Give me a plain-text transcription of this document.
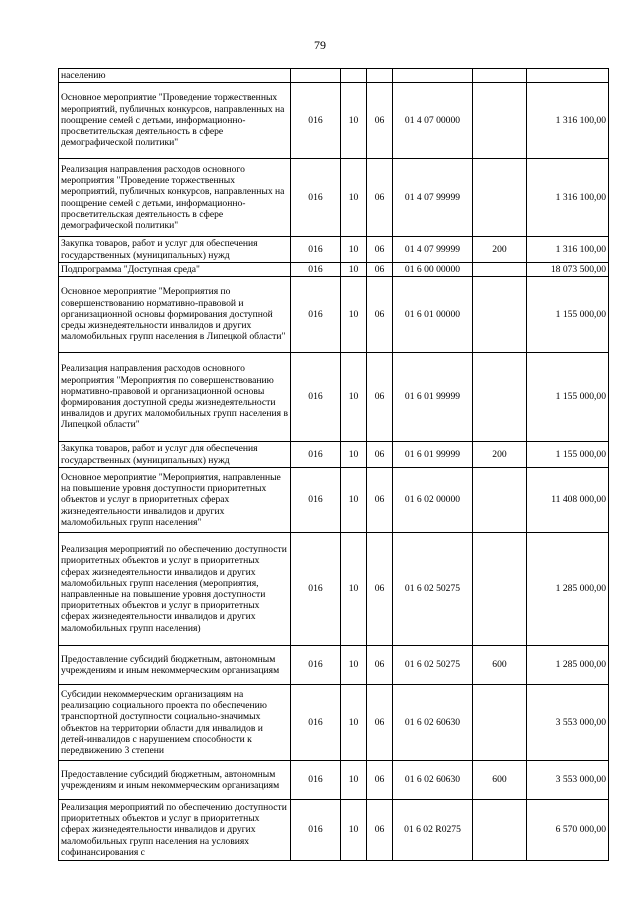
79
населению						
Основное мероприятие "Проведение торжественных мероприятий, публичных конкурсов, направленных на поощрение семей с детьми, информационно-просветительская деятельность в сфере демографической политики"	016	10	06	01 4 07 00000		1 316 100,00
Реализация направления расходов основного мероприятия "Проведение торжественных мероприятий, публичных конкурсов, направленных на поощрение семей с детьми, информационно-просветительская деятельность в сфере демографической политики"	016	10	06	01 4 07 99999		1 316 100,00
Закупка товаров, работ и услуг для обеспечения государственных (муниципальных) нужд	016	10	06	01 4 07 99999	200	1 316 100,00
Подпрограмма "Доступная среда"	016	10	06	01 6 00 00000		18 073 500,00
Основное мероприятие "Мероприятия по совершенствованию нормативно-правовой и организационной основы формирования доступной среды жизнедеятельности инвалидов и других маломобильных групп населения в Липецкой области"	016	10	06	01 6 01 00000		1 155 000,00
Реализация направления расходов основного мероприятия "Мероприятия по совершенствованию нормативно-правовой и организационной основы формирования доступной среды жизнедеятельности инвалидов и других маломобильных групп населения в Липецкой области"	016	10	06	01 6 01 99999		1 155 000,00
Закупка товаров, работ и услуг для обеспечения государственных (муниципальных) нужд	016	10	06	01 6 01 99999	200	1 155 000,00
Основное мероприятие "Мероприятия, направленные на повышение уровня доступности приоритетных объектов и услуг в приоритетных сферах жизнедеятельности инвалидов и других маломобильных групп населения"	016	10	06	01 6 02 00000		11 408 000,00
Реализация мероприятий по обеспечению доступности приоритетных объектов и услуг в приоритетных сферах жизнедеятельности инвалидов и других маломобильных групп населения (мероприятия, направленные на повышение уровня доступности приоритетных объектов и услуг в приоритетных сферах жизнедеятельности инвалидов и других маломобильных групп населения)	016	10	06	01 6 02 50275		1 285 000,00
Предоставление субсидий бюджетным, автономным учреждениям и иным некоммерческим организациям	016	10	06	01 6 02 50275	600	1 285 000,00
Субсидии некоммерческим организациям на реализацию социального проекта по обеспечению транспортной доступности социально-значимых объектов на территории области для инвалидов и детей-инвалидов с нарушением способности к передвижению 3 степени	016	10	06	01 6 02 60630		3 553 000,00
Предоставление субсидий бюджетным, автономным учреждениям и иным некоммерческим организациям	016	10	06	01 6 02 60630	600	3 553 000,00
Реализация мероприятий по обеспечению доступности приоритетных объектов и услуг в приоритетных сферах жизнедеятельности инвалидов и других маломобильных групп населения на условиях софинансирования с	016	10	06	01 6 02 R0275		6 570 000,00
